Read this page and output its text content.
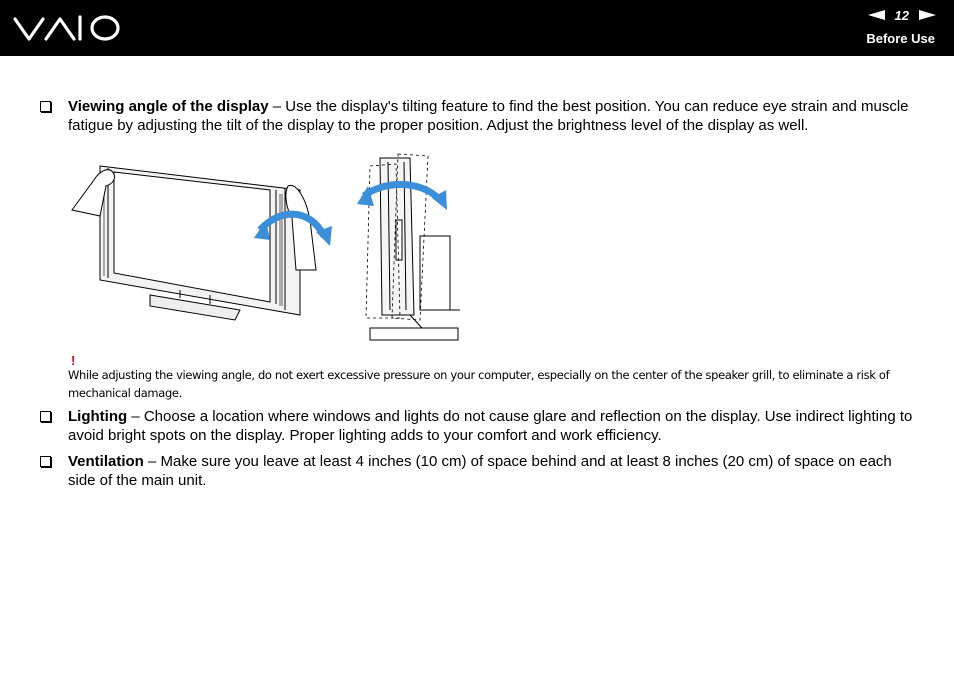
12
Before Use
Viewing angle of the display – Use the display's tilting feature to find the best position. You can reduce eye strain and muscle fatigue by adjusting the tilt of the display to the proper position. Adjust the brightness level of the display as well.
!
While adjusting the viewing angle, do not exert excessive pressure on your computer, especially on the center of the speaker grill, to eliminate a risk of mechanical damage.
Lighting – Choose a location where windows and lights do not cause glare and reflection on the display. Use indirect lighting to avoid bright spots on the display. Proper lighting adds to your comfort and work efficiency.
Ventilation – Make sure you leave at least 4 inches (10 cm) of space behind and at least 8 inches (20 cm) of space on each side of the main unit.
